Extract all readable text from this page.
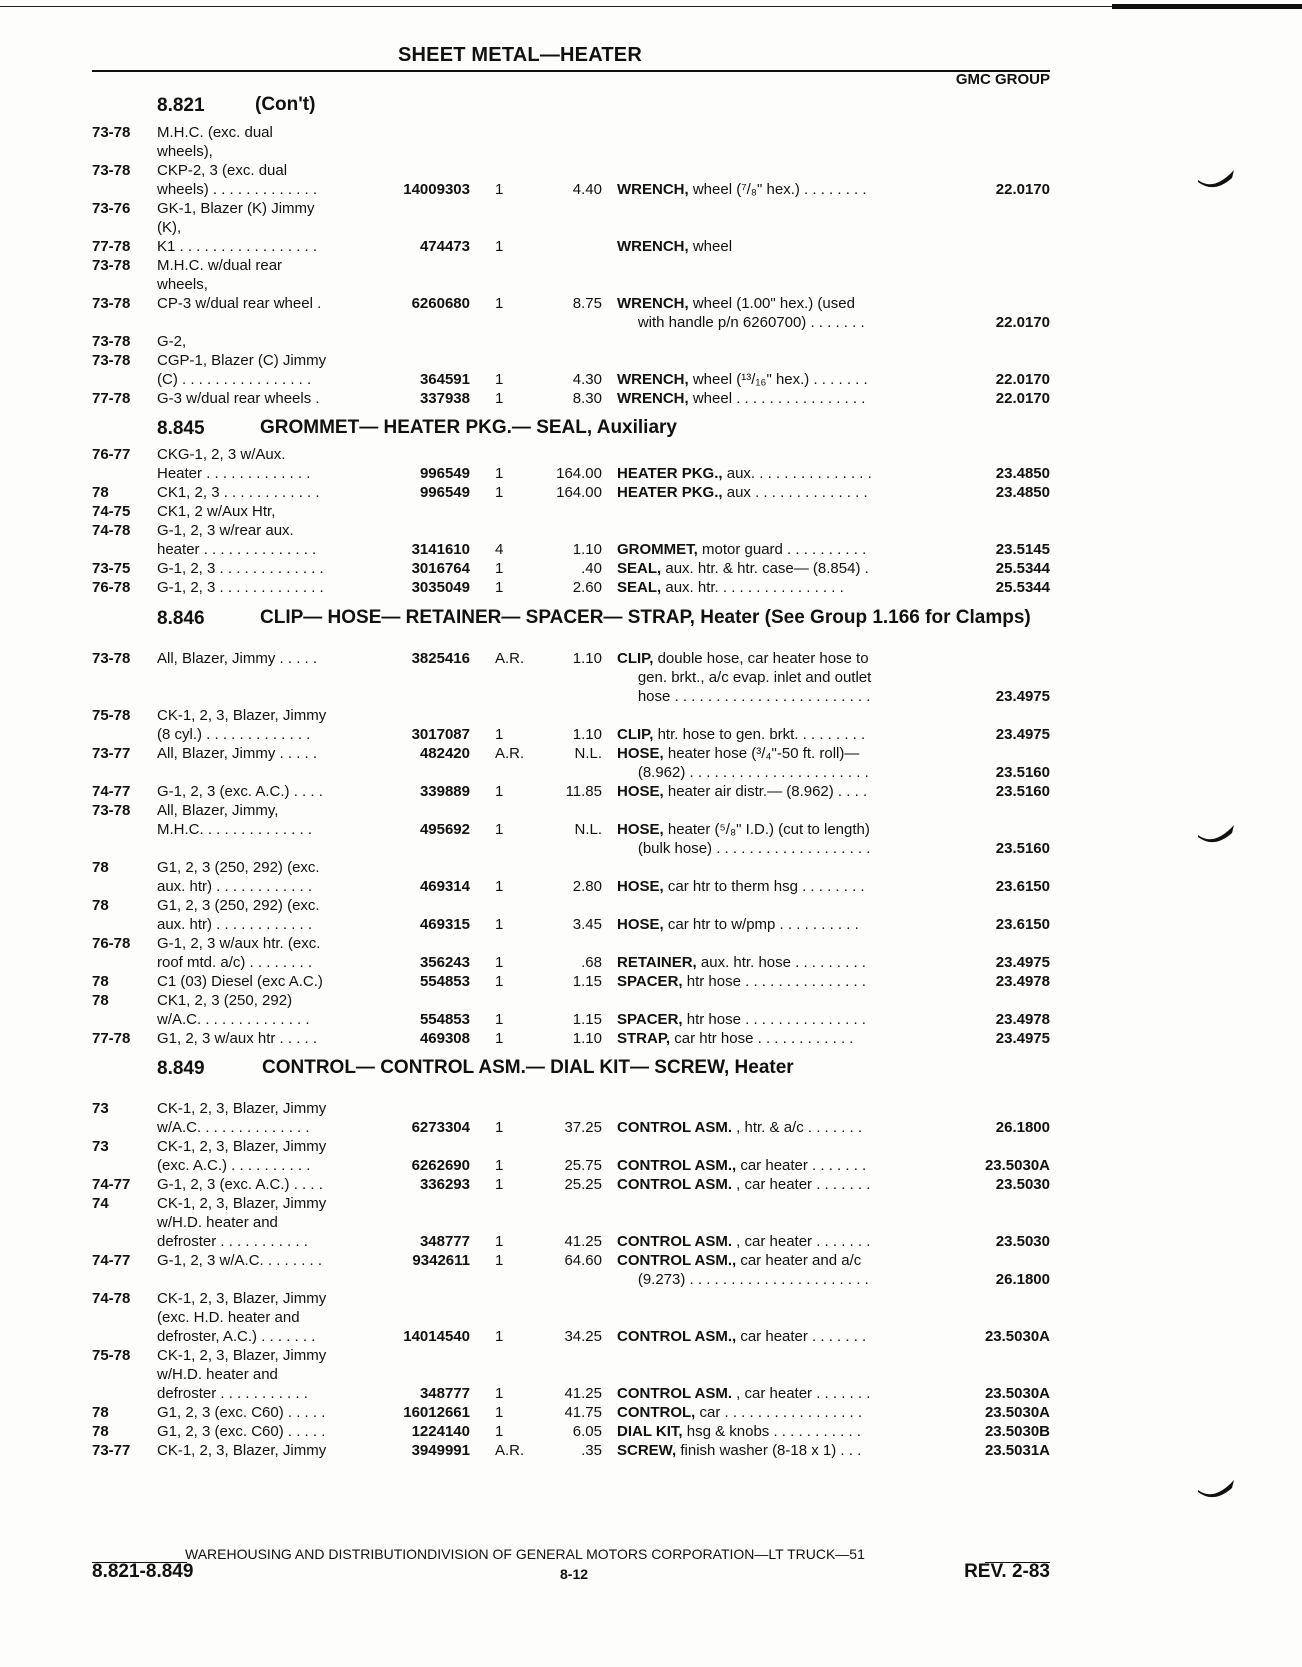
SHEET METAL—HEATER
GMC GROUP
8.821	(Con't)
8.845	GROMMET— HEATER PKG.— SEAL, Auxiliary
8.846	CLIP— HOSE— RETAINER— SPACER— STRAP, Heater (See Group 1.166 for Clamps)
8.849	CONTROL— CONTROL ASM.— DIAL KIT— SCREW, Heater
73-78 M.H.C. (exc. dual
wheels),
73-78 CKP-2, 3 (exc. dual
wheels) . . . . . . . . . . . . .	14009303 1	4.40 WRENCH, wheel (⁷/₈" hex.) . . . . . . . .	22.0170
73-76 GK-1, Blazer (K) Jimmy
(K),
77-78 K1 . . . . . . . . . . . . . . . . .	474473 1	WRENCH, wheel
73-78 M.H.C. w/dual rear
wheels,
73-78 CP-3 w/dual rear wheel .	6260680 1	8.75 WRENCH, wheel (1.00" hex.) (used
with handle p/n 6260700) . . . . . . .	22.0170
73-78 G-2,
73-78 CGP-1, Blazer (C) Jimmy
(C) . . . . . . . . . . . . . . . .	364591 1	4.30 WRENCH, wheel (¹³/₁₆" hex.) . . . . . . .	22.0170
77-78 G-3 w/dual rear wheels .	337938 1	8.30 WRENCH, wheel . . . . . . . . . . . . . . . .	22.0170
76-77 CKG-1, 2, 3 w/Aux.
Heater . . . . . . . . . . . . .	996549 1	164.00 HEATER PKG., aux. . . . . . . . . . . . . . .	23.4850
78	CK1, 2, 3 . . . . . . . . . . . .	996549 1	164.00 HEATER PKG., aux . . . . . . . . . . . . . .	23.4850
74-75 CK1, 2 w/Aux Htr,
74-78 G-1, 2, 3 w/rear aux.
heater . . . . . . . . . . . . . .	3141610 4	1.10 GROMMET, motor guard . . . . . . . . . .	23.5145
73-75 G-1, 2, 3 . . . . . . . . . . . . .	3016764 1	.40 SEAL, aux. htr. & htr. case— (8.854) .	25.5344
76-78 G-1, 2, 3 . . . . . . . . . . . . .	3035049 1	2.60 SEAL, aux. htr. . . . . . . . . . . . . . . .	25.5344
73-78 All, Blazer, Jimmy . . . . .	3825416 A.R.	1.10 CLIP, double hose, car heater hose to
gen. brkt., a/c evap. inlet and outlet
hose . . . . . . . . . . . . . . . . . . . . . . . .	23.4975
75-78 CK-1, 2, 3, Blazer, Jimmy
(8 cyl.) . . . . . . . . . . . . .	3017087 1	1.10 CLIP, htr. hose to gen. brkt. . . . . . . . .	23.4975
73-77 All, Blazer, Jimmy . . . . .	482420 A.R.	N.L. HOSE, heater hose (³/₄"-50 ft. roll)—
(8.962) . . . . . . . . . . . . . . . . . . . . . .	23.5160
74-77 G-1, 2, 3 (exc. A.C.) . . . .	339889 1	11.85 HOSE, heater air distr.— (8.962) . . . .	23.5160
73-78 All, Blazer, Jimmy,
M.H.C. . . . . . . . . . . . . .	495692 1	N.L. HOSE, heater (⁵/₈" I.D.) (cut to length)
(bulk hose) . . . . . . . . . . . . . . . . . . .	23.5160
78	G1, 2, 3 (250, 292) (exc.
aux. htr) . . . . . . . . . . . .	469314 1	2.80 HOSE, car htr to therm hsg . . . . . . . .	23.6150
78	G1, 2, 3 (250, 292) (exc.
aux. htr) . . . . . . . . . . . .	469315 1	3.45 HOSE, car htr to w/pmp . . . . . . . . . .	23.6150
76-78 G-1, 2, 3 w/aux htr. (exc.
roof mtd. a/c) . . . . . . . .	356243 1	.68 RETAINER, aux. htr. hose . . . . . . . . .	23.4975
78	C1 (03) Diesel (exc A.C.)	554853 1	1.15 SPACER, htr hose . . . . . . . . . . . . . . .	23.4978
78	CK1, 2, 3 (250, 292)
w/A.C. . . . . . . . . . . . . .	554853 1	1.15 SPACER, htr hose . . . . . . . . . . . . . . .	23.4978
77-78 G1, 2, 3 w/aux htr . . . . .	469308 1	1.10 STRAP, car htr hose . . . . . . . . . . . .	23.4975
73	CK-1, 2, 3, Blazer, Jimmy
w/A.C. . . . . . . . . . . . . .	6273304 1	37.25 CONTROL ASM. , htr. & a/c . . . . . . .	26.1800
73	CK-1, 2, 3, Blazer, Jimmy
(exc. A.C.) . . . . . . . . . .	6262690 1	25.75 CONTROL ASM., car heater . . . . . . .	23.5030A
74-77 G-1, 2, 3 (exc. A.C.) . . . .	336293 1	25.25 CONTROL ASM. , car heater . . . . . . .	23.5030
74	CK-1, 2, 3, Blazer, Jimmy
w/H.D. heater and
defroster . . . . . . . . . . .	348777 1	41.25 CONTROL ASM. , car heater . . . . . . .	23.5030
74-77 G-1, 2, 3 w/A.C. . . . . . . .	9342611 1	64.60 CONTROL ASM., car heater and a/c
(9.273) . . . . . . . . . . . . . . . . . . . . . .	26.1800
74-78 CK-1, 2, 3, Blazer, Jimmy
(exc. H.D. heater and
defroster, A.C.) . . . . . . .	14014540 1	34.25 CONTROL ASM., car heater . . . . . . .	23.5030A
75-78 CK-1, 2, 3, Blazer, Jimmy
w/H.D. heater and
defroster . . . . . . . . . . .	348777 1	41.25 CONTROL ASM. , car heater . . . . . . .	23.5030A
78	G1, 2, 3 (exc. C60) . . . . .	16012661 1	41.75 CONTROL, car . . . . . . . . . . . . . . . . .	23.5030A
78	G1, 2, 3 (exc. C60) . . . . .	1224140 1	6.05 DIAL KIT, hsg & knobs . . . . . . . . . . .	23.5030B
73-77 CK-1, 2, 3, Blazer, Jimmy	3949991 A.R.	.35 SCREW, finish washer (8-18 x 1) . . .	23.5031A
WAREHOUSING AND DISTRIBUTIONDIVISION OF GENERAL MOTORS CORPORATION—LT TRUCK—51
8.821-8.849	8-12	REV. 2-83
